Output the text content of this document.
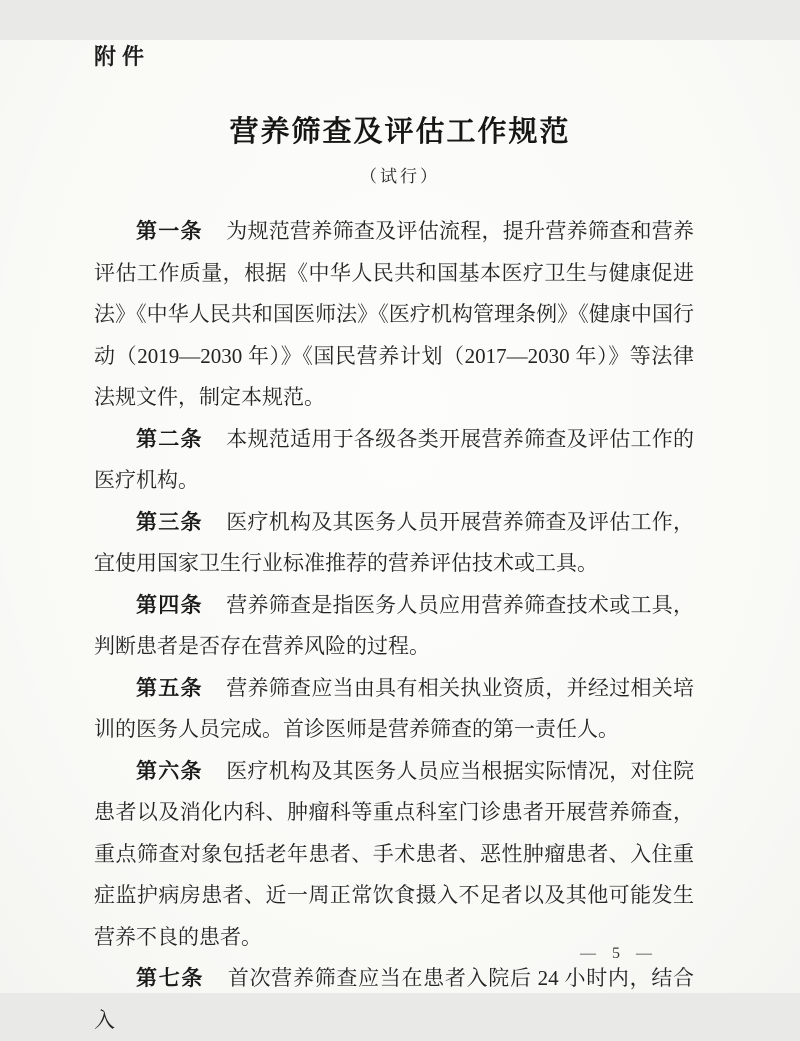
附件
营养筛查及评估工作规范
（试行）

第一条 为规范营养筛查及评估流程，提升营养筛查和营养评估工作质量，根据《中华人民共和国基本医疗卫生与健康促进法》《中华人民共和国医师法》《医疗机构管理条例》《健康中国行动（2019—2030 年）》《国民营养计划（2017—2030 年）》等法律法规文件，制定本规范。

第二条 本规范适用于各级各类开展营养筛查及评估工作的医疗机构。

第三条 医疗机构及其医务人员开展营养筛查及评估工作，宜使用国家卫生行业标准推荐的营养评估技术或工具。

第四条 营养筛查是指医务人员应用营养筛查技术或工具，判断患者是否存在营养风险的过程。

第五条 营养筛查应当由具有相关执业资质，并经过相关培训的医务人员完成。首诊医师是营养筛查的第一责任人。

第六条 医疗机构及其医务人员应当根据实际情况，对住院患者以及消化内科、肿瘤科等重点科室门诊患者开展营养筛查，重点筛查对象包括老年患者、手术患者、恶性肿瘤患者、入住重症监护病房患者、近一周正常饮食摄入不足者以及其他可能发生营养不良的患者。

第七条 首次营养筛查应当在患者入院后 24 小时内，结合入

— 5 —
